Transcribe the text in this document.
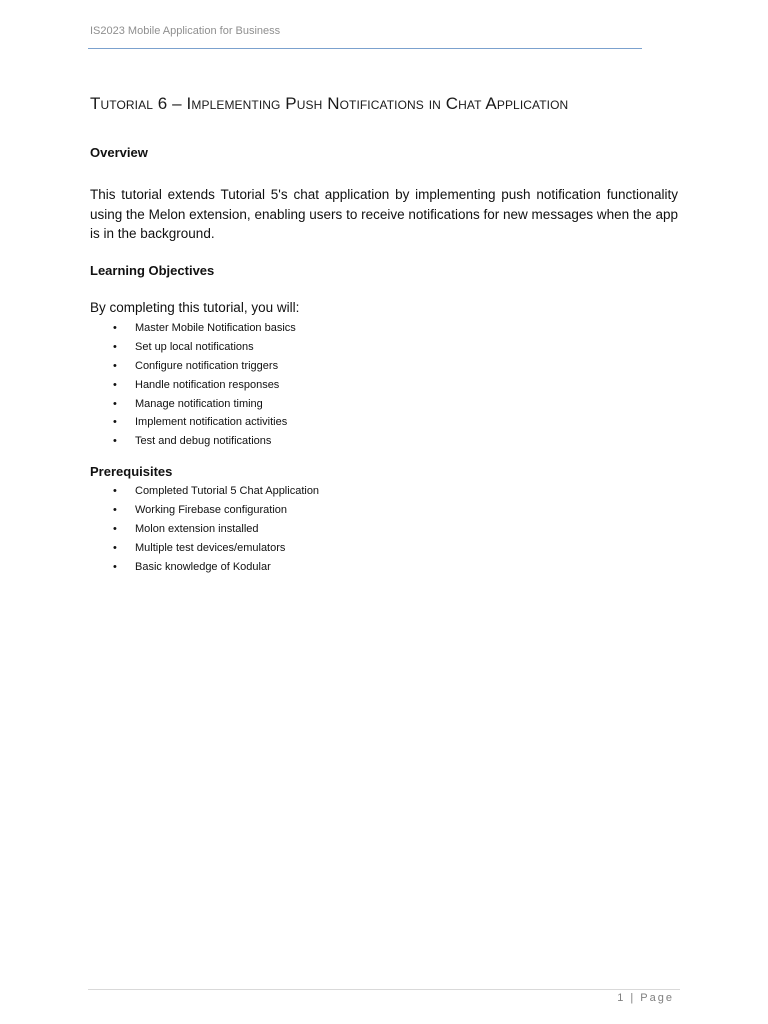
IS2023 Mobile Application for Business
Tutorial 6 – Implementing Push Notifications in Chat Application
Overview
This tutorial extends Tutorial 5's chat application by implementing push notification functionality using the Melon extension, enabling users to receive notifications for new messages when the app is in the background.
Learning Objectives
By completing this tutorial, you will:
• Master Mobile Notification basics
• Set up local notifications
• Configure notification triggers
• Handle notification responses
• Manage notification timing
• Implement notification activities
• Test and debug notifications
Prerequisites
• Completed Tutorial 5 Chat Application
• Working Firebase configuration
• Molon extension installed
• Multiple test devices/emulators
• Basic knowledge of Kodular
1 | Page
